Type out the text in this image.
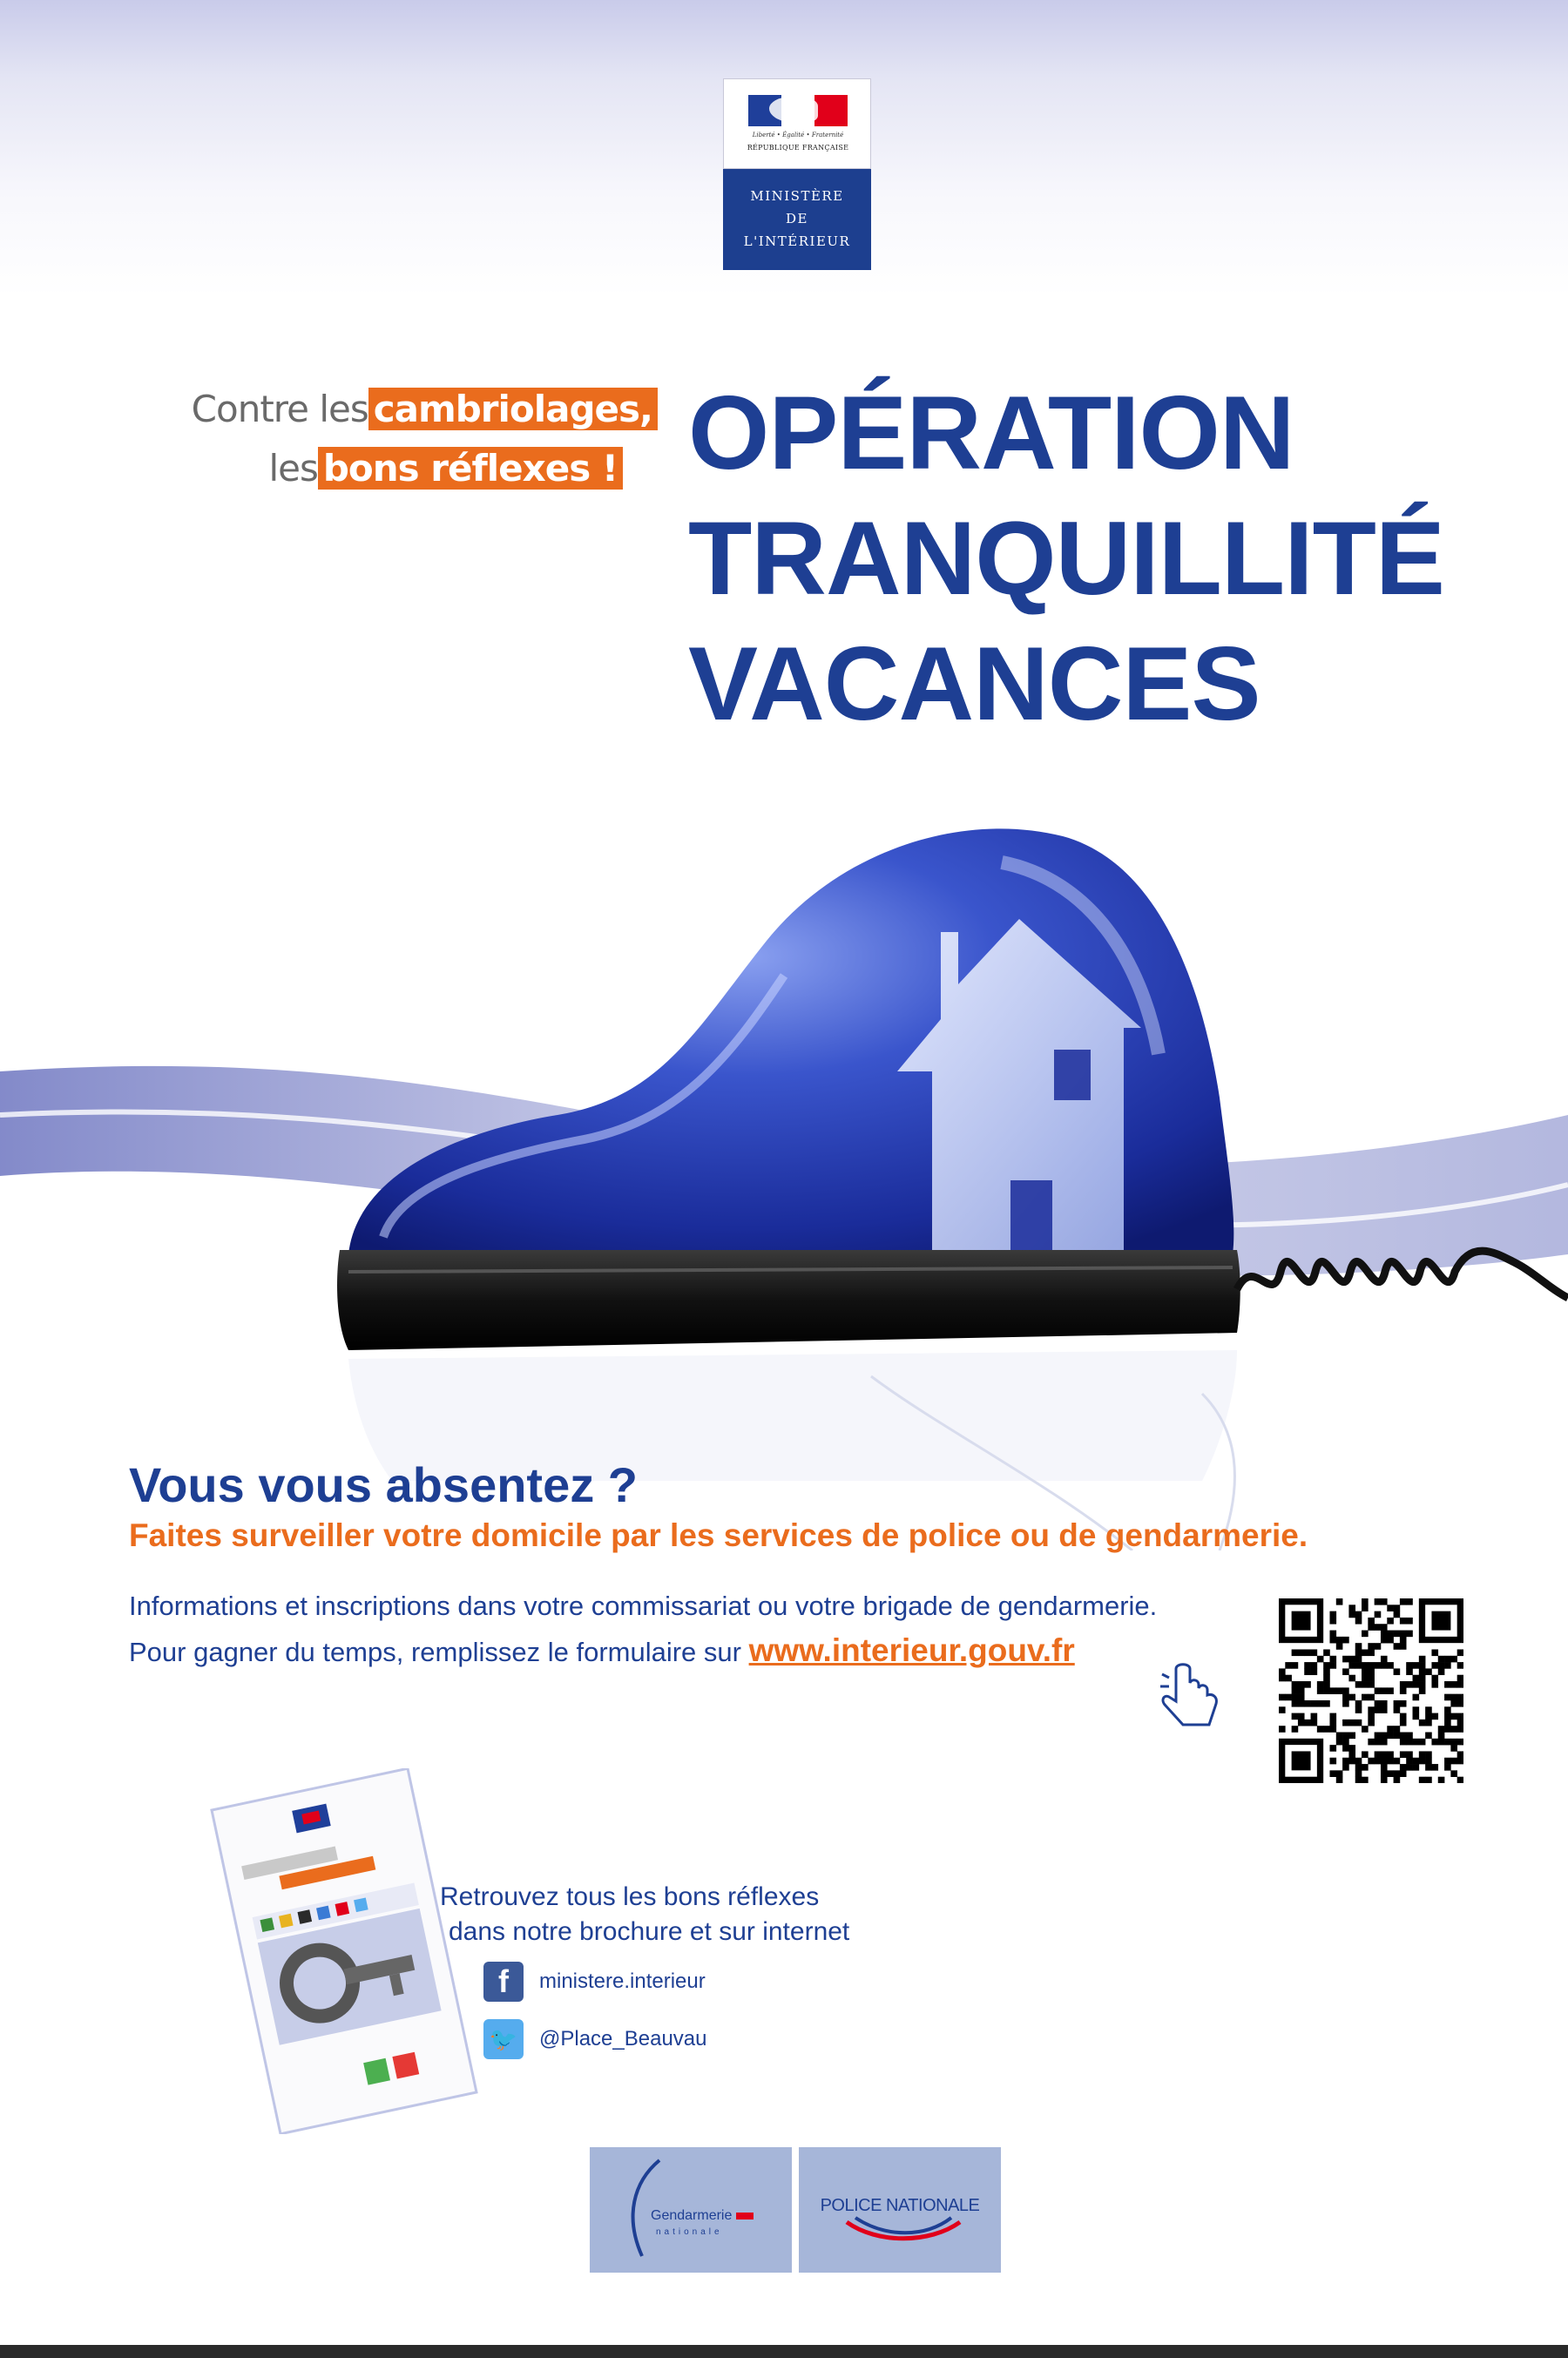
Liberté • Égalité • Fraternité
RÉPUBLIQUE FRANÇAISE
MINISTÈRE
DE
L'INTÉRIEUR
Contre les cambriolages,
les bons réflexes ! OPÉRATION
TRANQUILLITÉ
VACANCES
Vous vous absentez ?
Faites surveiller votre domicile par les services de police ou de gendarmerie.
Informations et inscriptions dans votre commissariat ou votre brigade de gendarmerie.
Pour gagner du temps, remplissez le formulaire sur www.interieur.gouv.fr
Retrouvez tous les bons réflexes
dans notre brochure et sur internet
f	ministere.interieur
🐦 @Place_Beauvau
Gendarmerie
nationale
POLICE NATIONALE
